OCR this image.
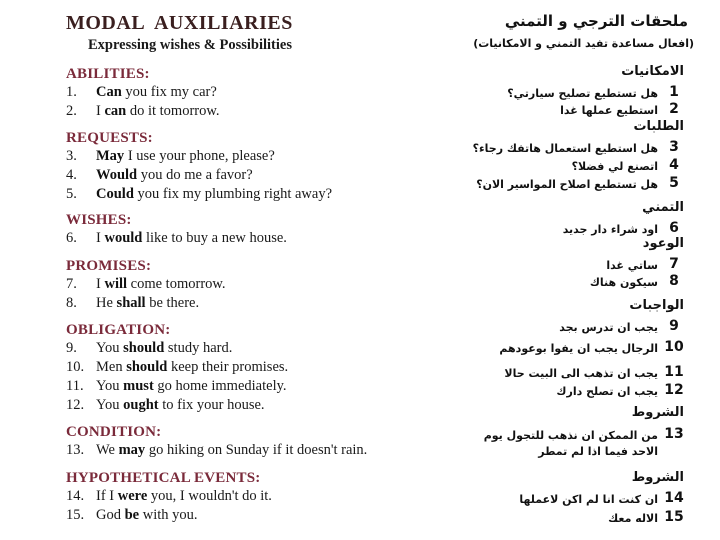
MODAL  AUXILIARIES
Expressing wishes & Possibilities
ABILITIES:
1. Can you fix my car?
2. I can do it tomorrow.
REQUESTS:
3. May I use your phone, please?
4. Would you do me a favor?
5. Could you fix my plumbing right away?
WISHES:
6. I would like to buy a new house.
PROMISES:
7. I will come tomorrow.
8. He shall be there.
OBLIGATION:
9. You should study hard.
10. Men should keep their promises.
11. You must go home immediately.
12. You ought to fix your house.
CONDITION:
13. We may go hiking on Sunday if it doesn't rain.
HYPOTHETICAL EVENTS:
14. If I were you, I wouldn't do it.
15. God be with you.
ملحقات الترجي و التمني
(افعال مساعدة تفيد التمني و الامكانيات)
الامكانيات
1
هل تستطيع تصليح سيارتي؟
2
استطيع عملها غدا
الطلبات
3
هل استطيع استعمال هاتفك رجاء؟
4
اتصنع لي فضلا؟
5
هل تستطيع اصلاح المواسير الان؟
التمني
6
اود شراء دار جديد
الوعود
7
ساتي غدا
8
سيكون هناك
الواجبات
9
يجب ان تدرس بجد
10
الرجال يجب ان يفوا بوعودهم
11
يجب ان تذهب الى البيت حالا
12
يجب ان تصلح دارك
الشروط
13
من الممكن ان نذهب للتجول يوم
الاحد فيما اذا لم تمطر
الشروط
14
ان كنت انا لم اكن لاعملها
15
الاله معك
